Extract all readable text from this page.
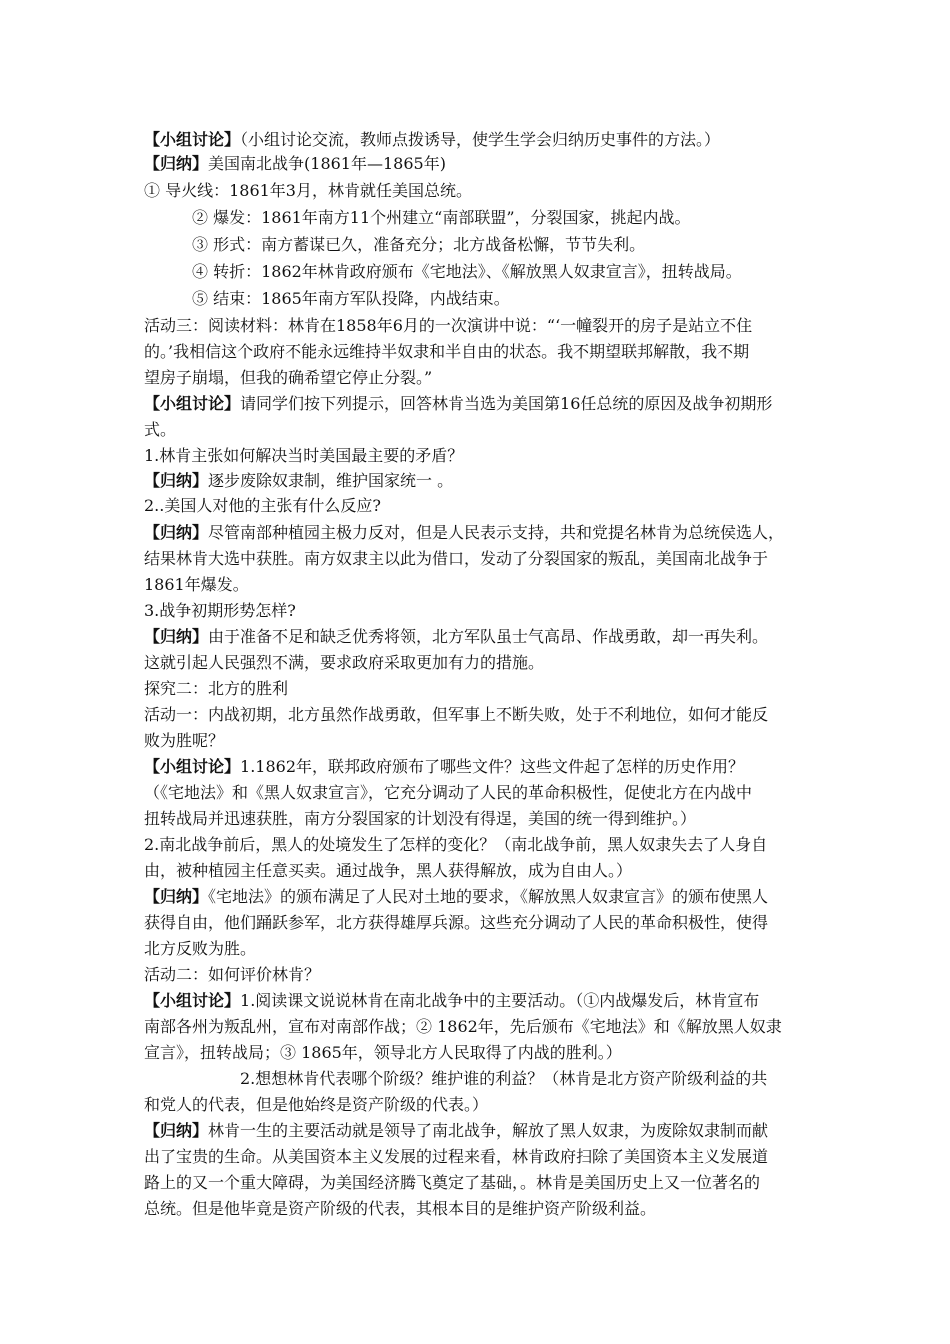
【小组讨论】（小组讨论交流，教师点拨诱导，使学生学会归纳历史事件的方法。）
【归纳】美国南北战争(1861年—1865年)
① 导火线：1861年3月，林肯就任美国总统。
② 爆发：1861年南方11个州建立“南部联盟”，分裂国家，挑起内战。
③ 形式：南方蓄谋已久，准备充分；北方战备松懈，节节失利。
④ 转折：1862年林肯政府颁布《宅地法》、《解放黑人奴隶宣言》，扭转战局。
⑤ 结束：1865年南方军队投降，内战结束。
活动三：阅读材料：林肯在1858年6月的一次演讲中说：“‘一幢裂开的房子是站立不住
的。’我相信这个政府不能永远维持半奴隶和半自由的状态。我不期望联邦解散，我不期
望房子崩塌，但我的确希望它停止分裂。”
【小组讨论】请同学们按下列提示，回答林肯当选为美国第16任总统的原因及战争初期形
式。
1.林肯主张如何解决当时美国最主要的矛盾？
【归纳】逐步废除奴隶制，维护国家统一 。
2..美国人对他的主张有什么反应?
【归纳】尽管南部种植园主极力反对，但是人民表示支持，共和党提名林肯为总统侯选人，
结果林肯大选中获胜。南方奴隶主以此为借口，发动了分裂国家的叛乱，美国南北战争于
1861年爆发。
3.战争初期形势怎样?
【归纳】由于准备不足和缺乏优秀将领，北方军队虽士气高昂、作战勇敢，却一再失利。
这就引起人民强烈不满，要求政府采取更加有力的措施。
探究二：北方的胜利
活动一：内战初期，北方虽然作战勇敢，但军事上不断失败，处于不利地位，如何才能反
败为胜呢？
【小组讨论】1.1862年，联邦政府颁布了哪些文件？这些文件起了怎样的历史作用？
（《宅地法》和《黑人奴隶宣言》，它充分调动了人民的革命积极性，促使北方在内战中
扭转战局并迅速获胜，南方分裂国家的计划没有得逞，美国的统一得到维护。）
2.南北战争前后，黑人的处境发生了怎样的变化？（南北战争前，黑人奴隶失去了人身自
由，被种植园主任意买卖。通过战争，黑人获得解放，成为自由人。）
【归纳】《宅地法》的颁布满足了人民对土地的要求，《解放黑人奴隶宣言》的颁布使黑人
获得自由，他们踊跃参军，北方获得雄厚兵源。这些充分调动了人民的革命积极性，使得
北方反败为胜。
活动二：如何评价林肯？
【小组讨论】1.阅读课文说说林肯在南北战争中的主要活动。（①内战爆发后，林肯宣布
南部各州为叛乱州，宣布对南部作战；② 1862年，先后颁布《宅地法》和《解放黑人奴隶
宣言》，扭转战局；③ 1865年，领导北方人民取得了内战的胜利。）
2.想想林肯代表哪个阶级？维护谁的利益？（林肯是北方资产阶级利益的共
和党人的代表，但是他始终是资产阶级的代表。）
【归纳】林肯一生的主要活动就是领导了南北战争，解放了黑人奴隶，为废除奴隶制而献
出了宝贵的生命。从美国资本主义发展的过程来看，林肯政府扫除了美国资本主义发展道
路上的又一个重大障碍，为美国经济腾飞奠定了基础，。林肯是美国历史上又一位著名的
总统。但是他毕竟是资产阶级的代表，其根本目的是维护资产阶级利益。
